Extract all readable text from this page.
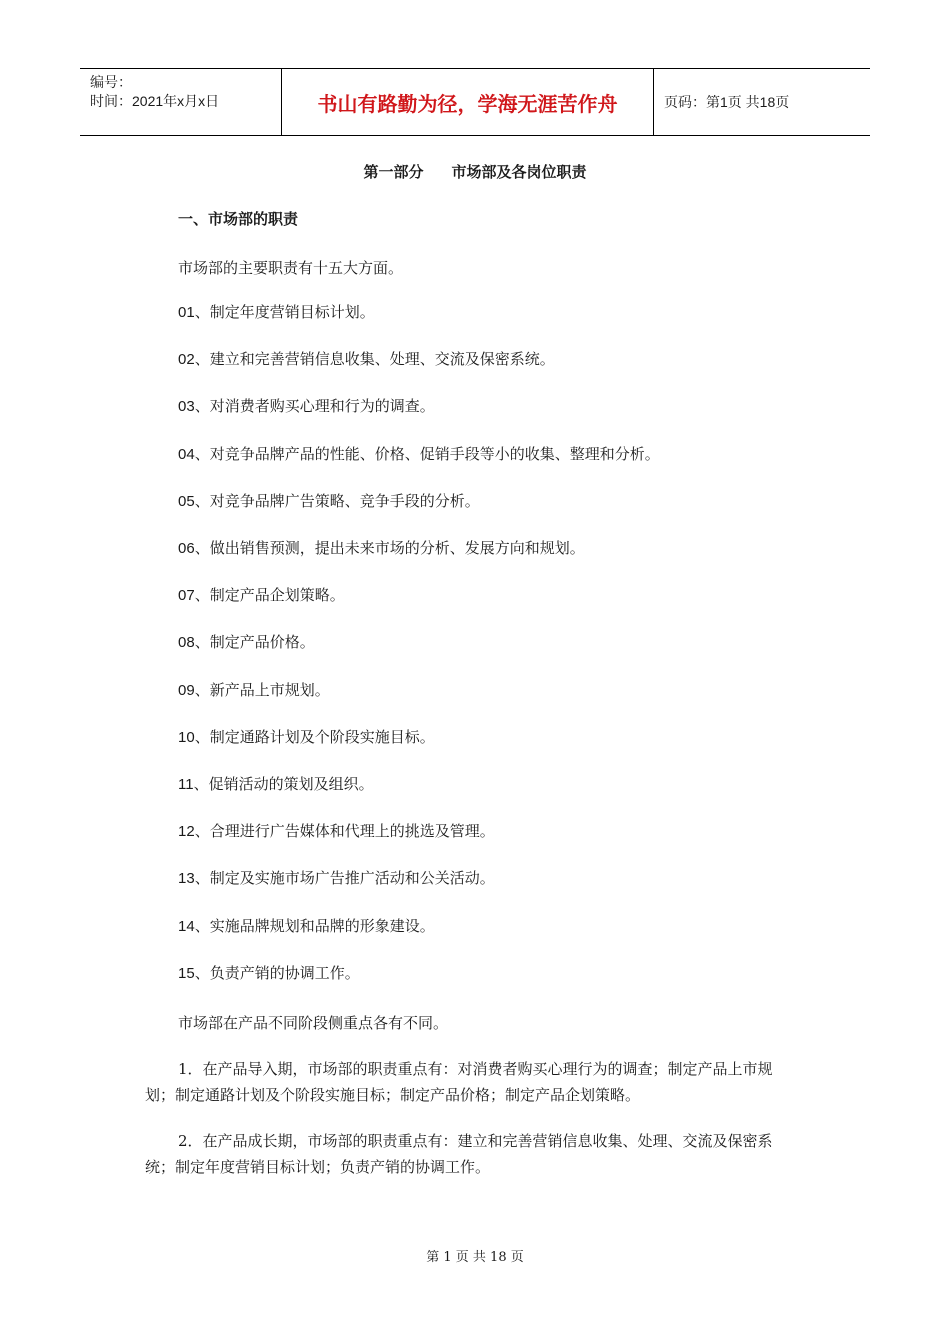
编号：
时间：2021年x月x日	书山有路勤为径，学海无涯苦作舟	页码：第1页 共18页
第一部分 市场部及各岗位职责
一、市场部的职责
市场部的主要职责有十五大方面。
01、制定年度营销目标计划。
02、建立和完善营销信息收集、处理、交流及保密系统。
03、对消费者购买心理和行为的调查。
04、对竞争品牌产品的性能、价格、促销手段等小的收集、整理和分析。
05、对竞争品牌广告策略、竞争手段的分析。
06、做出销售预测，提出未来市场的分析、发展方向和规划。
07、制定产品企划策略。
08、制定产品价格。
09、新产品上市规划。
10、制定通路计划及个阶段实施目标。
11、促销活动的策划及组织。
12、合理进行广告媒体和代理上的挑选及管理。
13、制定及实施市场广告推广活动和公关活动。
14、实施品牌规划和品牌的形象建设。
15、负责产销的协调工作。
市场部在产品不同阶段侧重点各有不同。
1．在产品导入期，市场部的职责重点有：对消费者购买心理行为的调查；制定产品上市规划；制定通路计划及个阶段实施目标；制定产品价格；制定产品企划策略。
2．在产品成长期，市场部的职责重点有：建立和完善营销信息收集、处理、交流及保密系统；制定年度营销目标计划；负责产销的协调工作。
第 1 页 共 18 页
